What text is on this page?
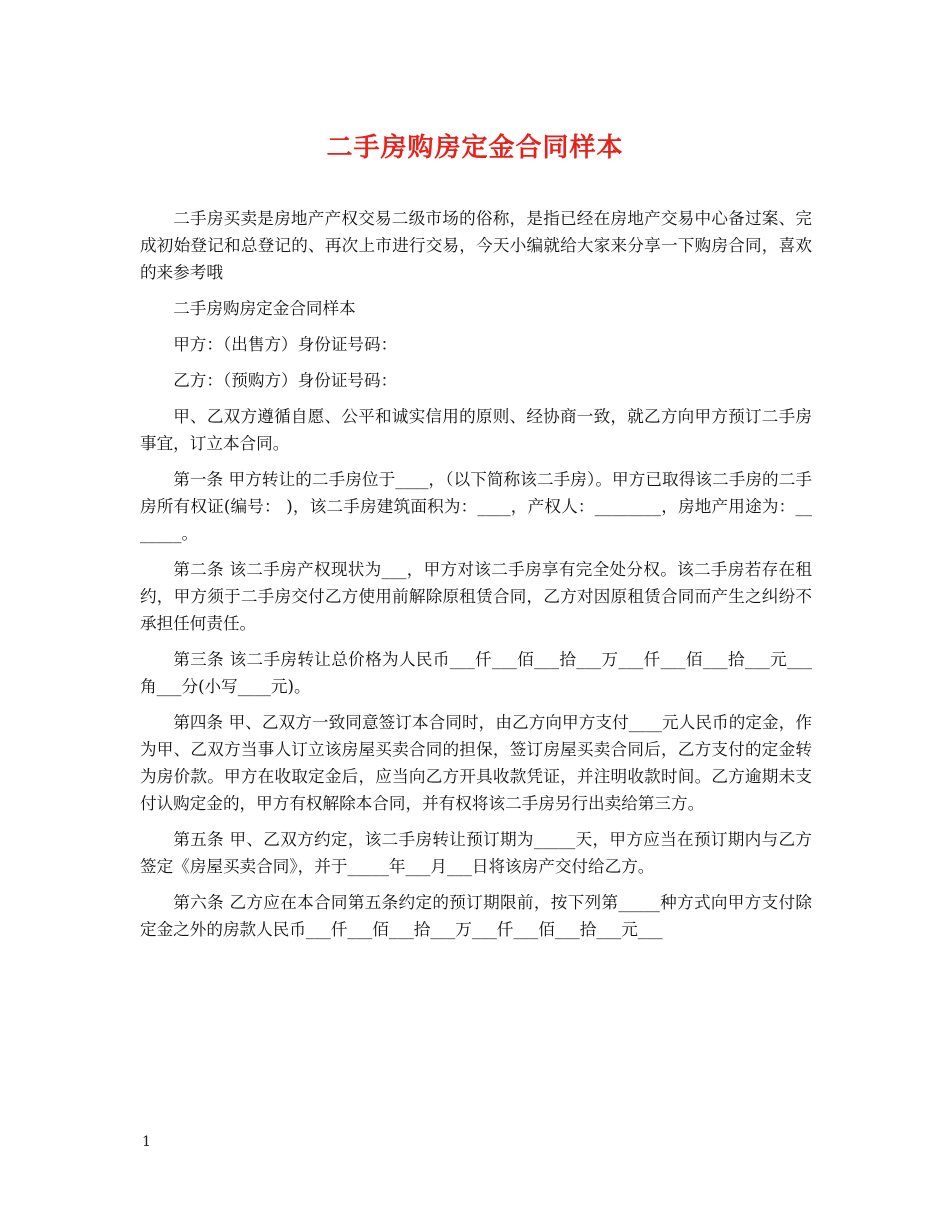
二手房购房定金合同样本

二手房买卖是房地产产权交易二级市场的俗称，是指已经在房地产交易中心备过案、完成初始登记和总登记的、再次上市进行交易，今天小编就给大家来分享一下购房合同，喜欢的来参考哦

二手房购房定金合同样本

甲方：（出售方）身份证号码：

乙方：（预购方）身份证号码：

甲、乙双方遵循自愿、公平和诚实信用的原则、经协商一致，就乙方向甲方预订二手房事宜，订立本合同。

第一条 甲方转让的二手房位于____，（以下简称该二手房）。甲方已取得该二手房的二手房所有权证(编号： )，该二手房建筑面积为：____，产权人：________，房地产用途为：_______。

第二条 该二手房产权现状为___，甲方对该二手房享有完全处分权。该二手房若存在租约，甲方须于二手房交付乙方使用前解除原租赁合同，乙方对因原租赁合同而产生之纠纷不承担任何责任。

第三条 该二手房转让总价格为人民币___仟___佰___拾___万___仟___佰___拾___元___角___分(小写____元)。

第四条 甲、乙双方一致同意签订本合同时，由乙方向甲方支付____元人民币的定金，作为甲、乙双方当事人订立该房屋买卖合同的担保，签订房屋买卖合同后，乙方支付的定金转为房价款。甲方在收取定金后，应当向乙方开具收款凭证，并注明收款时间。乙方逾期未支付认购定金的，甲方有权解除本合同，并有权将该二手房另行出卖给第三方。

第五条 甲、乙双方约定，该二手房转让预订期为_____天，甲方应当在预订期内与乙方签定《房屋买卖合同》，并于_____年___月___日将该房产交付给乙方。

第六条 乙方应在本合同第五条约定的预订期限前，按下列第_____种方式向甲方支付除定金之外的房款人民币___仟___佰___拾___万___仟___佰___拾___元___

1
